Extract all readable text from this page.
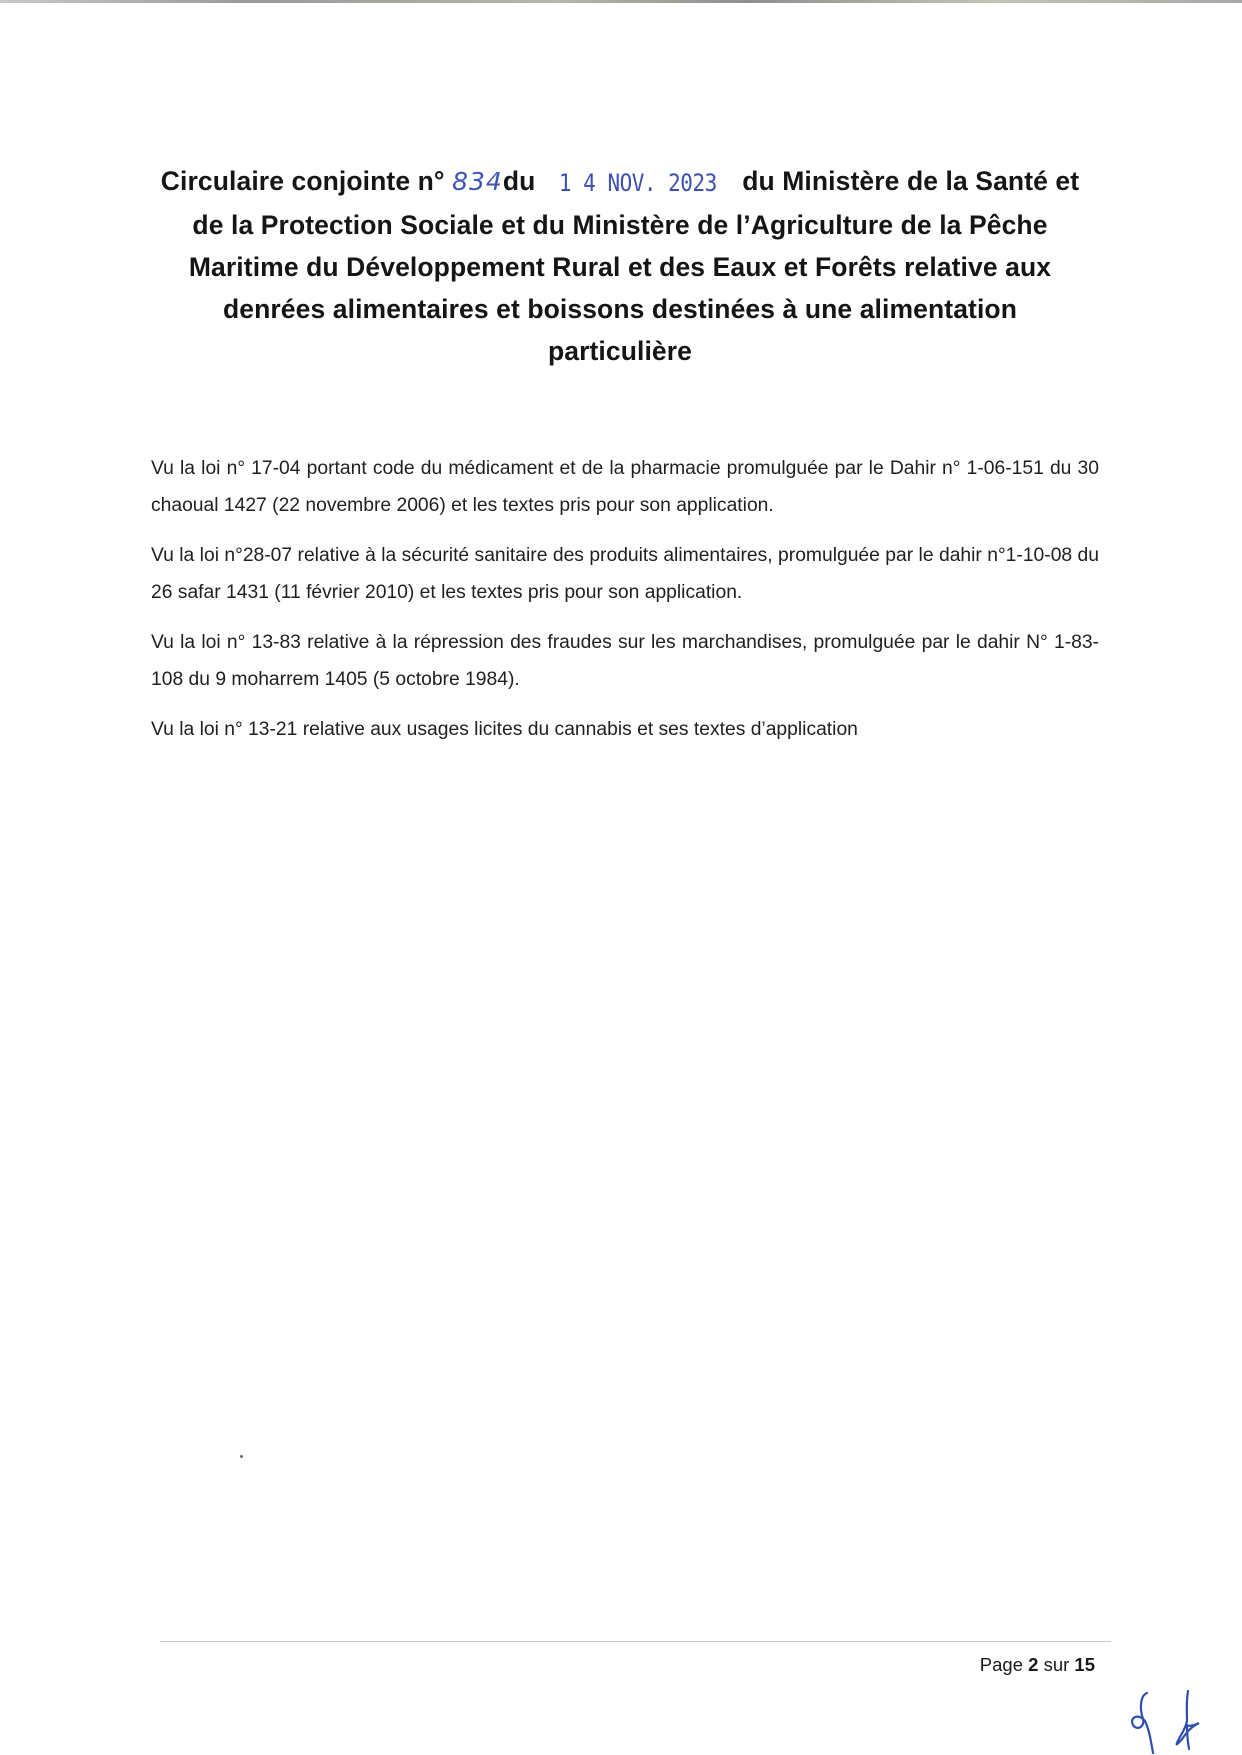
Circulaire conjointe n° 834du 1 4 NOV. 2023 du Ministère de la Santé et
de la Protection Sociale et du Ministère de l’Agriculture de la Pêche
Maritime du Développement Rural et des Eaux et Forêts relative aux
denrées alimentaires et boissons destinées à une alimentation
particulière

Vu la loi n° 17-04 portant code du médicament et de la pharmacie promulguée par le Dahir n° 1-06-151 du 30 chaoual 1427 (22 novembre 2006) et les textes pris pour son application.

Vu la loi n°28-07 relative à la sécurité sanitaire des produits alimentaires, promulguée par le dahir n°1-10-08 du 26 safar 1431 (11 février 2010) et les textes pris pour son application.

Vu la loi n° 13-83 relative à la répression des fraudes sur les marchandises, promulguée par le dahir N° 1-83-108 du 9 moharrem 1405 (5 octobre 1984).

Vu la loi n° 13-21 relative aux usages licites du cannabis et ses textes d’application

Page 2 sur 15
